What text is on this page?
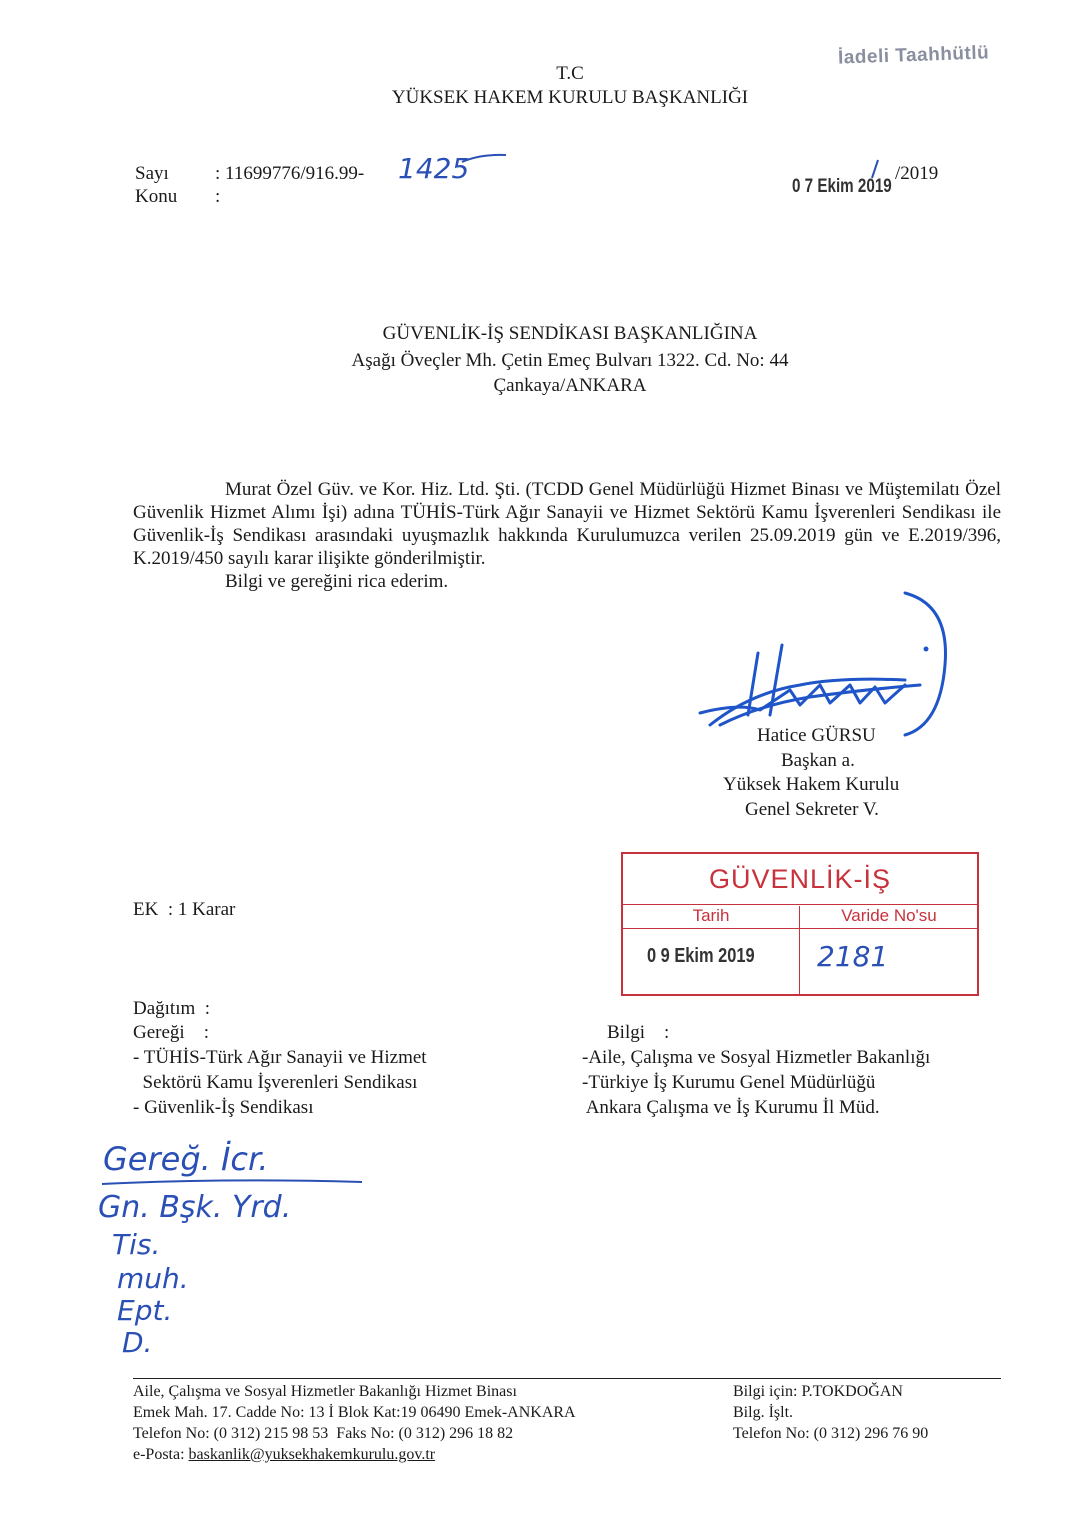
İadeli Taahhütlü
T.C
YÜKSEK HAKEM KURULU BAŞKANLIĞI
Sayı : 11699776/916.99- 1425
Konu :	0 7 Ekim 2019
/2019
GÜVENLİK-İŞ SENDİKASI BAŞKANLIĞINA
Aşağı Öveçler Mh. Çetin Emeç Bulvarı 1322. Cd. No: 44
Çankaya/ANKARA

Murat Özel Güv. ve Kor. Hiz. Ltd. Şti. (TCDD Genel Müdürlüğü Hizmet Binası ve Müştemilatı Özel Güvenlik Hizmet Alımı İşi) adına TÜHİS-Türk Ağır Sanayii ve Hizmet Sektörü Kamu İşverenleri Sendikası ile Güvenlik-İş Sendikası arasındaki uyuşmazlık hakkında Kurulumuzca verilen 25.09.2019 gün ve E.2019/396, K.2019/450 sayılı karar ilişikte gönderilmiştir.

Bilgi ve gereğini rica ederim.

Hatice GÜRSU
Başkan a.
Yüksek Hakem Kurulu
Genel Sekreter V.
EK  : 1 Karar
GÜVENLİK-İŞ
Tarih	Varide No'su
0 9 Ekim 2019 2181
Dağıtım  :
Gereği    :
- TÜHİS-Türk Ağır Sanayii ve Hizmet
Sektörü Kamu İşverenleri Sendikası
- Güvenlik-İş Sendikası
Bilgi    :
-Aile, Çalışma ve Sosyal Hizmetler Bakanlığı
-Türkiye İş Kurumu Genel Müdürlüğü
Ankara Çalışma ve İş Kurumu İl Müd.
Gereğ. İcr.
Gn. Bşk. Yrd.
Tis.
muh.
Ept.
D.
Aile, Çalışma ve Sosyal Hizmetler Bakanlığı Hizmet Binası
Emek Mah. 17. Cadde No: 13 İ Blok Kat:19 06490 Emek-ANKARA
Telefon No: (0 312) 215 98 53  Faks No: (0 312) 296 18 82
e-Posta: baskanlik@yuksekhakemkurulu.gov.tr
Bilgi için: P.TOKDOĞAN
Bilg. İşlt.
Telefon No: (0 312) 296 76 90
